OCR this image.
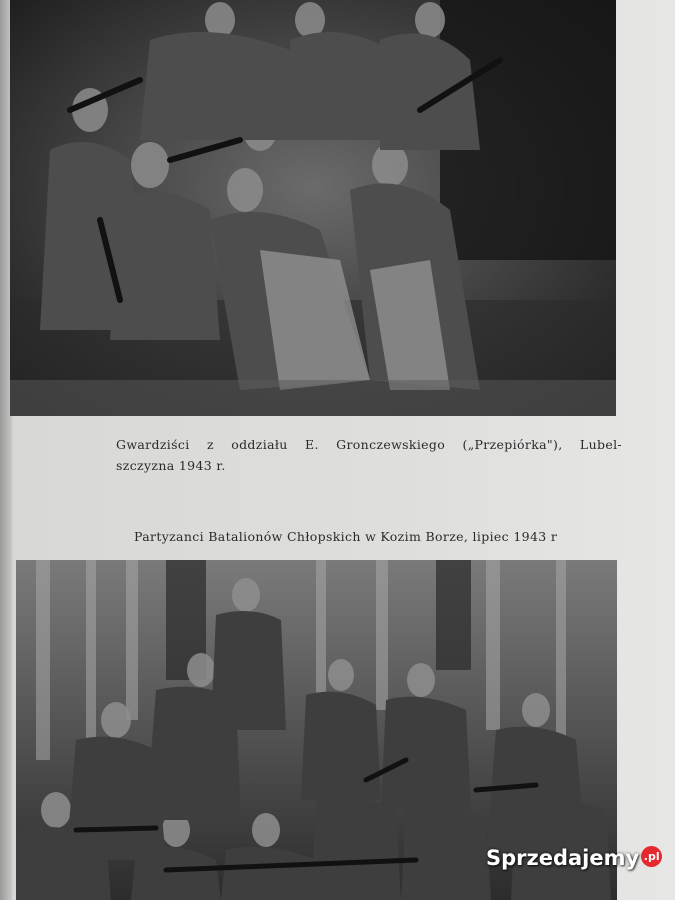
Gwardziści z oddziału E. Gronczewskiego („Przepiórka"), Lubel-
szczyzna 1943 r.
Partyzanci Batalionów Chłopskich w Kozim Borze, lipiec 1943 r
Sprzedajemy .pl
